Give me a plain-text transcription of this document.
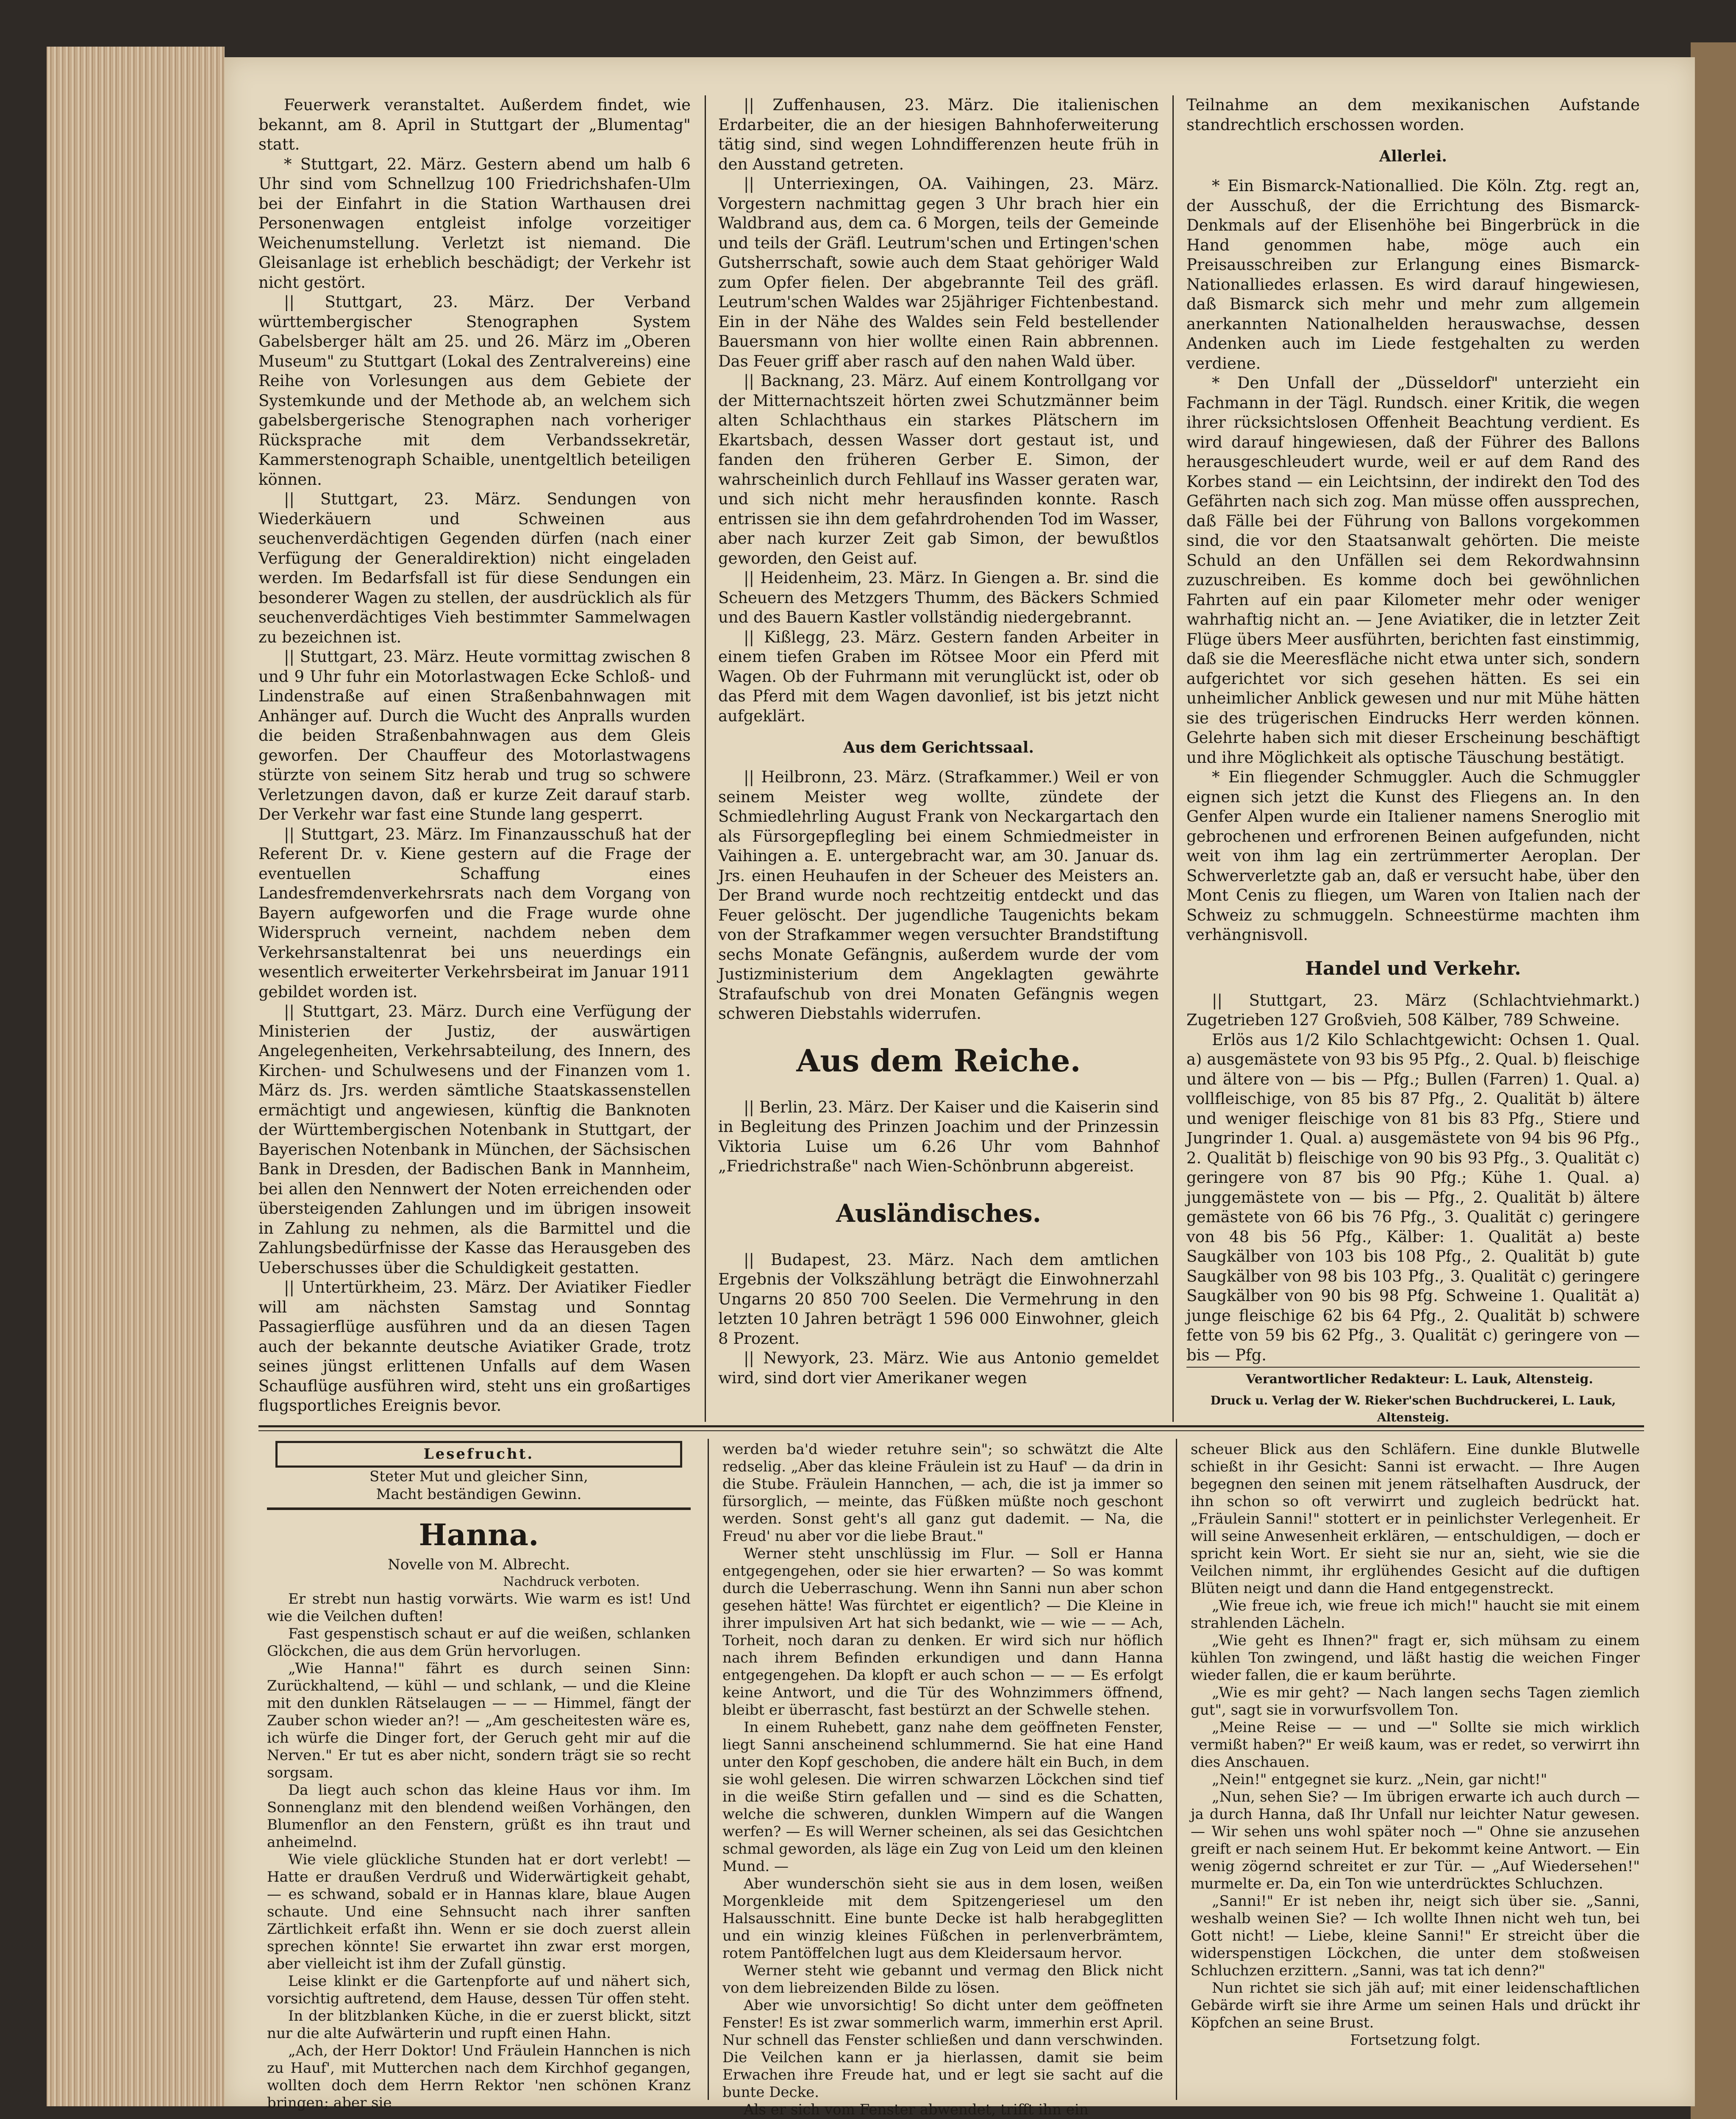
Feuerwerk veranstaltet. Außerdem findet, wie bekannt, am 8. April in Stuttgart der „Blumentag" statt.

* Stuttgart, 22. März. Gestern abend um halb 6 Uhr sind vom Schnellzug 100 Friedrichshafen-Ulm bei der Einfahrt in die Station Warthausen drei Personenwagen entgleist infolge vorzeitiger Weichenumstellung. Verletzt ist niemand. Die Gleisanlage ist erheblich beschädigt; der Verkehr ist nicht gestört.

|| Stuttgart, 23. März. Der Verband württembergischer Stenographen System Gabelsberger hält am 25. und 26. März im „Oberen Museum" zu Stuttgart (Lokal des Zentralvereins) eine Reihe von Vorlesungen aus dem Gebiete der Systemkunde und der Methode ab, an welchem sich gabelsbergerische Stenographen nach vorheriger Rücksprache mit dem Verbandssekretär, Kammerstenograph Schaible, unentgeltlich beteiligen können.

|| Stuttgart, 23. März. Sendungen von Wiederkäuern und Schweinen aus seuchenverdächtigen Gegenden dürfen (nach einer Verfügung der Generaldirektion) nicht eingeladen werden. Im Bedarfsfall ist für diese Sendungen ein besonderer Wagen zu stellen, der ausdrücklich als für seuchenverdächtiges Vieh bestimmter Sammelwagen zu bezeichnen ist.

|| Stuttgart, 23. März. Heute vormittag zwischen 8 und 9 Uhr fuhr ein Motorlastwagen Ecke Schloß- und Lindenstraße auf einen Straßenbahnwagen mit Anhänger auf. Durch die Wucht des Anpralls wurden die beiden Straßenbahnwagen aus dem Gleis geworfen. Der Chauffeur des Motorlastwagens stürzte von seinem Sitz herab und trug so schwere Verletzungen davon, daß er kurze Zeit darauf starb. Der Verkehr war fast eine Stunde lang gesperrt.

|| Stuttgart, 23. März. Im Finanzausschuß hat der Referent Dr. v. Kiene gestern auf die Frage der eventuellen Schaffung eines Landesfremdenverkehrsrats nach dem Vorgang von Bayern aufgeworfen und die Frage wurde ohne Widerspruch verneint, nachdem neben dem Verkehrsanstaltenrat bei uns neuerdings ein wesentlich erweiterter Verkehrsbeirat im Januar 1911 gebildet worden ist.

|| Stuttgart, 23. März. Durch eine Verfügung der Ministerien der Justiz, der auswärtigen Angelegenheiten, Verkehrsabteilung, des Innern, des Kirchen- und Schulwesens und der Finanzen vom 1. März ds. Jrs. werden sämtliche Staatskassenstellen ermächtigt und angewiesen, künftig die Banknoten der Württembergischen Notenbank in Stuttgart, der Bayerischen Notenbank in München, der Sächsischen Bank in Dresden, der Badischen Bank in Mannheim, bei allen den Nennwert der Noten erreichenden oder übersteigenden Zahlungen und im übrigen insoweit in Zahlung zu nehmen, als die Barmittel und die Zahlungsbedürfnisse der Kasse das Herausgeben des Ueberschusses über die Schuldigkeit gestatten.

|| Untertürkheim, 23. März. Der Aviatiker Fiedler will am nächsten Samstag und Sonntag Passagierflüge ausführen und da an diesen Tagen auch der bekannte deutsche Aviatiker Grade, trotz seines jüngst erlittenen Unfalls auf dem Wasen Schauflüge ausführen wird, steht uns ein großartiges flugsportliches Ereignis bevor.

|| Zuffenhausen, 23. März. Die italienischen Erdarbeiter, die an der hiesigen Bahnhoferweiterung tätig sind, sind wegen Lohndifferenzen heute früh in den Ausstand getreten.

|| Unterriexingen, OA. Vaihingen, 23. März. Vorgestern nachmittag gegen 3 Uhr brach hier ein Waldbrand aus, dem ca. 6 Morgen, teils der Gemeinde und teils der Gräfl. Leutrum'schen und Ertingen'schen Gutsherrschaft, sowie auch dem Staat gehöriger Wald zum Opfer fielen. Der abgebrannte Teil des gräfl. Leutrum'schen Waldes war 25jähriger Fichtenbestand. Ein in der Nähe des Waldes sein Feld bestellender Bauersmann von hier wollte einen Rain abbrennen. Das Feuer griff aber rasch auf den nahen Wald über.

|| Backnang, 23. März. Auf einem Kontrollgang vor der Mitternachtszeit hörten zwei Schutzmänner beim alten Schlachthaus ein starkes Plätschern im Ekartsbach, dessen Wasser dort gestaut ist, und fanden den früheren Gerber E. Simon, der wahrscheinlich durch Fehllauf ins Wasser geraten war, und sich nicht mehr herausfinden konnte. Rasch entrissen sie ihn dem gefahrdrohenden Tod im Wasser, aber nach kurzer Zeit gab Simon, der bewußtlos geworden, den Geist auf.

|| Heidenheim, 23. März. In Giengen a. Br. sind die Scheuern des Metzgers Thumm, des Bäckers Schmied und des Bauern Kastler vollständig niedergebrannt.

|| Kißlegg, 23. März. Gestern fanden Arbeiter in einem tiefen Graben im Rötsee Moor ein Pferd mit Wagen. Ob der Fuhrmann mit verunglückt ist, oder ob das Pferd mit dem Wagen davonlief, ist bis jetzt nicht aufgeklärt.

Aus dem Gerichtssaal.

|| Heilbronn, 23. März. (Strafkammer.) Weil er von seinem Meister weg wollte, zündete der Schmiedlehrling August Frank von Neckargartach den als Fürsorgepflegling bei einem Schmiedmeister in Vaihingen a. E. untergebracht war, am 30. Januar ds. Jrs. einen Heuhaufen in der Scheuer des Meisters an. Der Brand wurde noch rechtzeitig entdeckt und das Feuer gelöscht. Der jugendliche Taugenichts bekam von der Strafkammer wegen versuchter Brandstiftung sechs Monate Gefängnis, außerdem wurde der vom Justizministerium dem Angeklagten gewährte Strafaufschub von drei Monaten Gefängnis wegen schweren Diebstahls widerrufen.

Aus dem Reiche.

|| Berlin, 23. März. Der Kaiser und die Kaiserin sind in Begleitung des Prinzen Joachim und der Prinzessin Viktoria Luise um 6.26 Uhr vom Bahnhof „Friedrichstraße" nach Wien-Schönbrunn abgereist.

Ausländisches.

|| Budapest, 23. März. Nach dem amtlichen Ergebnis der Volkszählung beträgt die Einwohnerzahl Ungarns 20 850 700 Seelen. Die Vermehrung in den letzten 10 Jahren beträgt 1 596 000 Einwohner, gleich 8 Prozent.

|| Newyork, 23. März. Wie aus Antonio gemeldet wird, sind dort vier Amerikaner wegen

Teilnahme an dem mexikanischen Aufstande standrechtlich erschossen worden.

Allerlei.

* Ein Bismarck-Nationallied. Die Köln. Ztg. regt an, der Ausschuß, der die Errichtung des Bismarck-Denkmals auf der Elisenhöhe bei Bingerbrück in die Hand genommen habe, möge auch ein Preisausschreiben zur Erlangung eines Bismarck-Nationalliedes erlassen. Es wird darauf hingewiesen, daß Bismarck sich mehr und mehr zum allgemein anerkannten Nationalhelden herauswachse, dessen Andenken auch im Liede festgehalten zu werden verdiene.

* Den Unfall der „Düsseldorf" unterzieht ein Fachmann in der Tägl. Rundsch. einer Kritik, die wegen ihrer rücksichtslosen Offenheit Beachtung verdient. Es wird darauf hingewiesen, daß der Führer des Ballons herausgeschleudert wurde, weil er auf dem Rand des Korbes stand — ein Leichtsinn, der indirekt den Tod des Gefährten nach sich zog. Man müsse offen aussprechen, daß Fälle bei der Führung von Ballons vorgekommen sind, die vor den Staatsanwalt gehörten. Die meiste Schuld an den Unfällen sei dem Rekordwahnsinn zuzuschreiben. Es komme doch bei gewöhnlichen Fahrten auf ein paar Kilometer mehr oder weniger wahrhaftig nicht an. — Jene Aviatiker, die in letzter Zeit Flüge übers Meer ausführten, berichten fast einstimmig, daß sie die Meeresfläche nicht etwa unter sich, sondern aufgerichtet vor sich gesehen hätten. Es sei ein unheimlicher Anblick gewesen und nur mit Mühe hätten sie des trügerischen Eindrucks Herr werden können. Gelehrte haben sich mit dieser Erscheinung beschäftigt und ihre Möglichkeit als optische Täuschung bestätigt.

* Ein fliegender Schmuggler. Auch die Schmuggler eignen sich jetzt die Kunst des Fliegens an. In den Genfer Alpen wurde ein Italiener namens Sneroglio mit gebrochenen und erfrorenen Beinen aufgefunden, nicht weit von ihm lag ein zertrümmerter Aeroplan. Der Schwerverletzte gab an, daß er versucht habe, über den Mont Cenis zu fliegen, um Waren von Italien nach der Schweiz zu schmuggeln. Schneestürme machten ihm verhängnisvoll.

Handel und Verkehr.

|| Stuttgart, 23. März (Schlachtviehmarkt.) Zugetrieben 127 Großvieh, 508 Kälber, 789 Schweine.

Erlös aus 1/2 Kilo Schlachtgewicht: Ochsen 1. Qual. a) ausgemästete von 93 bis 95 Pfg., 2. Qual. b) fleischige und ältere von — bis — Pfg.; Bullen (Farren) 1. Qual. a) vollfleischige, von 85 bis 87 Pfg., 2. Qualität b) ältere und weniger fleischige von 81 bis 83 Pfg., Stiere und Jungrinder 1. Qual. a) ausgemästete von 94 bis 96 Pfg., 2. Qualität b) fleischige von 90 bis 93 Pfg., 3. Qualität c) geringere von 87 bis 90 Pfg.; Kühe 1. Qual. a) junggemästete von — bis — Pfg., 2. Qualität b) ältere gemästete von 66 bis 76 Pfg., 3. Qualität c) geringere von 48 bis 56 Pfg., Kälber: 1. Qualität a) beste Saugkälber von 103 bis 108 Pfg., 2. Qualität b) gute Saugkälber von 98 bis 103 Pfg., 3. Qualität c) geringere Saugkälber von 90 bis 98 Pfg. Schweine 1. Qualität a) junge fleischige 62 bis 64 Pfg., 2. Qualität b) schwere fette von 59 bis 62 Pfg., 3. Qualität c) geringere von — bis — Pfg.

Verantwortlicher Redakteur: L. Lauk, Altensteig.
Druck u. Verlag der W. Rieker'schen Buchdruckerei, L. Lauk, Altensteig.
Lesefrucht.
Steter Mut und gleicher Sinn,
Macht beständigen Gewinn.
Hanna.
Novelle von M. Albrecht.
Nachdruck verboten.

Er strebt nun hastig vorwärts. Wie warm es ist! Und wie die Veilchen duften!

Fast gespenstisch schaut er auf die weißen, schlanken Glöckchen, die aus dem Grün hervorlugen.

„Wie Hanna!" fährt es durch seinen Sinn: Zurückhaltend, — kühl — und schlank, — und die Kleine mit den dunklen Rätselaugen — — — Himmel, fängt der Zauber schon wieder an?! — „Am gescheitesten wäre es, ich würfe die Dinger fort, der Geruch geht mir auf die Nerven." Er tut es aber nicht, sondern trägt sie so recht sorgsam.

Da liegt auch schon das kleine Haus vor ihm. Im Sonnenglanz mit den blendend weißen Vorhängen, den Blumenflor an den Fenstern, grüßt es ihn traut und anheimelnd.

Wie viele glückliche Stunden hat er dort verlebt! — Hatte er draußen Verdruß und Widerwärtigkeit gehabt, — es schwand, sobald er in Hannas klare, blaue Augen schaute. Und eine Sehnsucht nach ihrer sanften Zärtlichkeit erfaßt ihn. Wenn er sie doch zuerst allein sprechen könnte! Sie erwartet ihn zwar erst morgen, aber vielleicht ist ihm der Zufall günstig.

Leise klinkt er die Gartenpforte auf und nähert sich, vorsichtig auftretend, dem Hause, dessen Tür offen steht.

In der blitzblanken Küche, in die er zuerst blickt, sitzt nur die alte Aufwärterin und rupft einen Hahn.

„Ach, der Herr Doktor! Und Fräulein Hannchen is nich zu Hauf', mit Mutterchen nach dem Kirchhof gegangen, wollten doch dem Herrn Rektor 'nen schönen Kranz bringen; aber sie

werden ba'd wieder retuhre sein"; so schwätzt die Alte redselig. „Aber das kleine Fräulein ist zu Hauf' — da drin in die Stube. Fräulein Hannchen, — ach, die ist ja immer so fürsorglich, — meinte, das Füßken müßte noch geschont werden. Sonst geht's all ganz gut dademit. — Na, die Freud' nu aber vor die liebe Braut."

Werner steht unschlüssig im Flur. — Soll er Hanna entgegengehen, oder sie hier erwarten? — So was kommt durch die Ueberraschung. Wenn ihn Sanni nun aber schon gesehen hätte! Was fürchtet er eigentlich? — Die Kleine in ihrer impulsiven Art hat sich bedankt, wie — wie — — Ach, Torheit, noch daran zu denken. Er wird sich nur höflich nach ihrem Befinden erkundigen und dann Hanna entgegengehen. Da klopft er auch schon — — — Es erfolgt keine Antwort, und die Tür des Wohnzimmers öffnend, bleibt er überrascht, fast bestürzt an der Schwelle stehen.

In einem Ruhebett, ganz nahe dem geöffneten Fenster, liegt Sanni anscheinend schlummernd. Sie hat eine Hand unter den Kopf geschoben, die andere hält ein Buch, in dem sie wohl gelesen. Die wirren schwarzen Löckchen sind tief in die weiße Stirn gefallen und — sind es die Schatten, welche die schweren, dunklen Wimpern auf die Wangen werfen? — Es will Werner scheinen, als sei das Gesichtchen schmal geworden, als läge ein Zug von Leid um den kleinen Mund. —

Aber wunderschön sieht sie aus in dem losen, weißen Morgenkleide mit dem Spitzengeriesel um den Halsausschnitt. Eine bunte Decke ist halb herabgeglitten und ein winzig kleines Füßchen in perlenverbrämtem, rotem Pantöffelchen lugt aus dem Kleidersaum hervor.

Werner steht wie gebannt und vermag den Blick nicht von dem liebreizenden Bilde zu lösen.

Aber wie unvorsichtig! So dicht unter dem geöffneten Fenster! Es ist zwar sommerlich warm, immerhin erst April. Nur schnell das Fenster schließen und dann verschwinden. Die Veilchen kann er ja hierlassen, damit sie beim Erwachen ihre Freude hat, und er legt sie sacht auf die bunte Decke.

Als er sich vom Fenster abwendet, trifft ihn ein

scheuer Blick aus den Schläfern. Eine dunkle Blutwelle schießt in ihr Gesicht: Sanni ist erwacht. — Ihre Augen begegnen den seinen mit jenem rätselhaften Ausdruck, der ihn schon so oft verwirrt und zugleich bedrückt hat. „Fräulein Sanni!" stottert er in peinlichster Verlegenheit. Er will seine Anwesenheit erklären, — entschuldigen, — doch er spricht kein Wort. Er sieht sie nur an, sieht, wie sie die Veilchen nimmt, ihr erglühendes Gesicht auf die duftigen Blüten neigt und dann die Hand entgegenstreckt.

„Wie freue ich, wie freue ich mich!" haucht sie mit einem strahlenden Lächeln.

„Wie geht es Ihnen?" fragt er, sich mühsam zu einem kühlen Ton zwingend, und läßt hastig die weichen Finger wieder fallen, die er kaum berührte.

„Wie es mir geht? — Nach langen sechs Tagen ziemlich gut", sagt sie in vorwurfsvollem Ton.

„Meine Reise — — und —" Sollte sie mich wirklich vermißt haben?" Er weiß kaum, was er redet, so verwirrt ihn dies Anschauen.

„Nein!" entgegnet sie kurz. „Nein, gar nicht!"

„Nun, sehen Sie? — Im übrigen erwarte ich auch durch — ja durch Hanna, daß Ihr Unfall nur leichter Natur gewesen. — Wir sehen uns wohl später noch —" Ohne sie anzusehen greift er nach seinem Hut. Er bekommt keine Antwort. — Ein wenig zögernd schreitet er zur Tür. — „Auf Wiedersehen!" murmelte er. Da, ein Ton wie unterdrücktes Schluchzen.

„Sanni!" Er ist neben ihr, neigt sich über sie. „Sanni, weshalb weinen Sie? — Ich wollte Ihnen nicht weh tun, bei Gott nicht! — Liebe, kleine Sanni!" Er streicht über die widerspenstigen Löckchen, die unter dem stoßweisen Schluchzen erzittern. „Sanni, was tat ich denn?"

Nun richtet sie sich jäh auf; mit einer leidenschaftlichen Gebärde wirft sie ihre Arme um seinen Hals und drückt ihr Köpfchen an seine Brust.

Fortsetzung folgt.
